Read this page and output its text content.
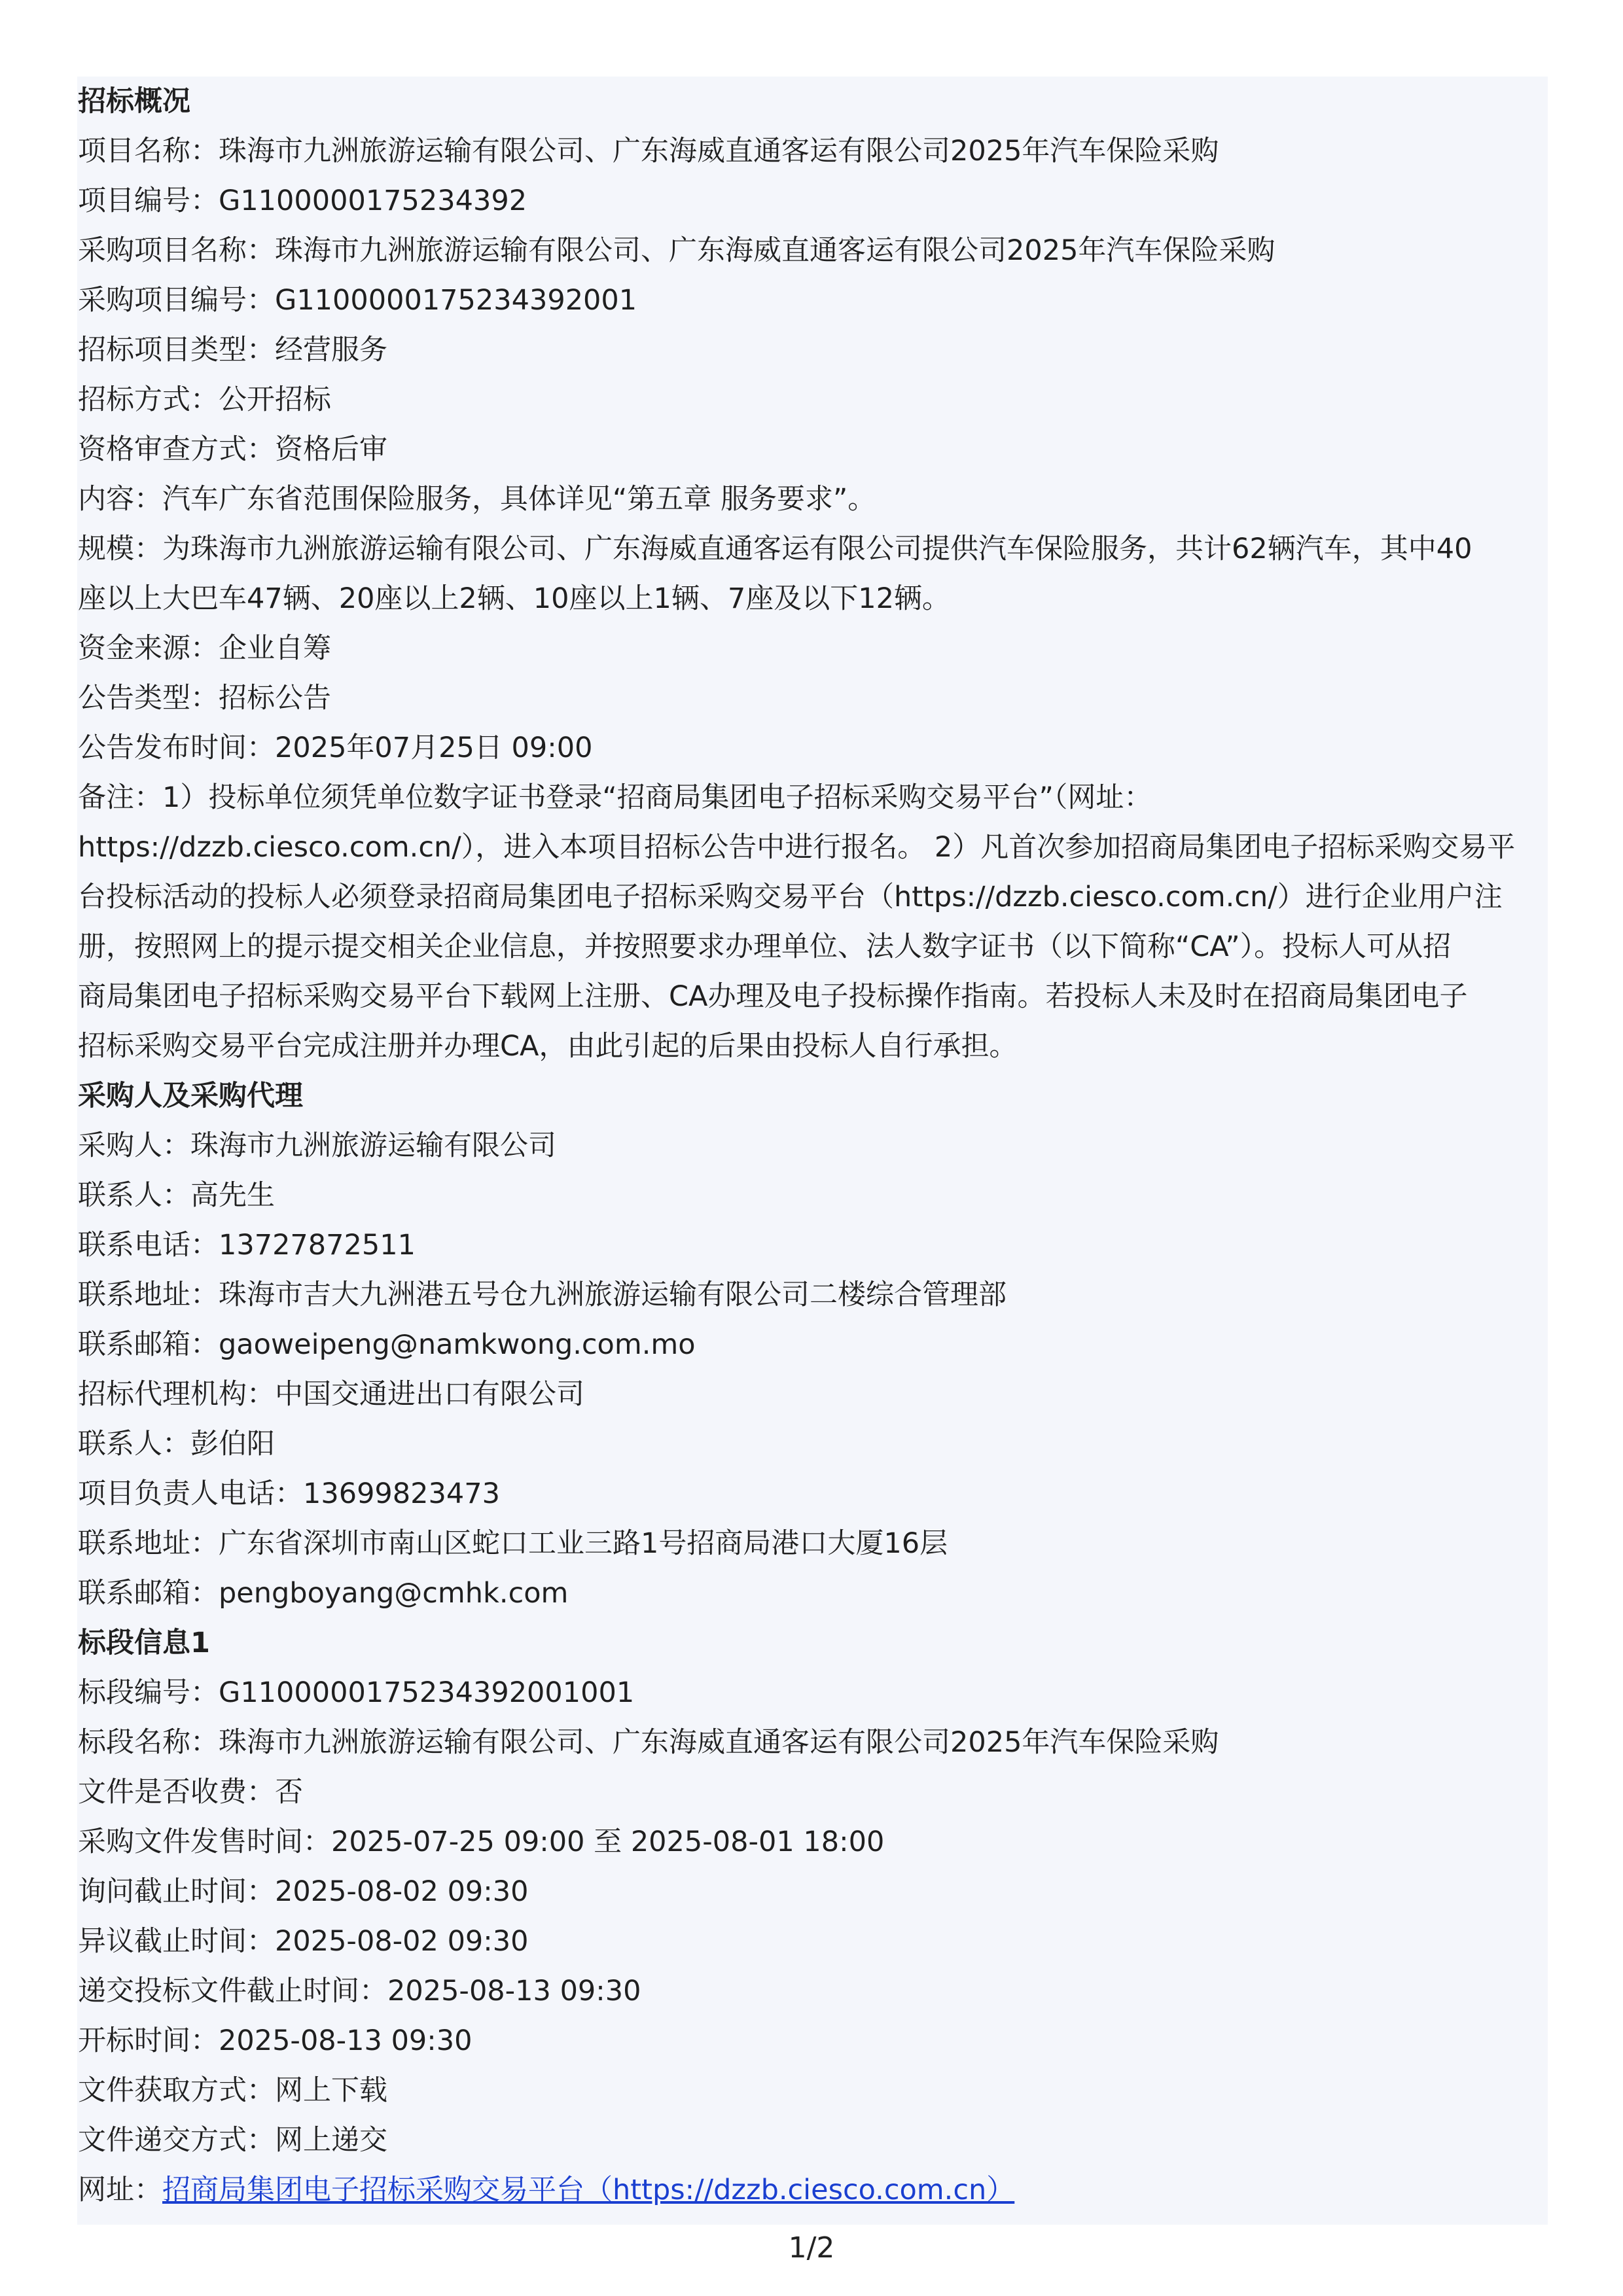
招标概况
项目名称：珠海市九洲旅游运输有限公司、广东海威直通客运有限公司2025年汽车保险采购
项目编号：G1100000175234392
采购项目名称：珠海市九洲旅游运输有限公司、广东海威直通客运有限公司2025年汽车保险采购
采购项目编号：G1100000175234392001
招标项目类型：经营服务
招标方式：公开招标
资格审查方式：资格后审
内容：汽车广东省范围保险服务，具体详见“第五章 服务要求”。
规模：为珠海市九洲旅游运输有限公司、广东海威直通客运有限公司提供汽车保险服务，共计62辆汽车，其中40
座以上大巴车47辆、20座以上2辆、10座以上1辆、7座及以下12辆。
资金来源：企业自筹
公告类型：招标公告
公告发布时间：2025年07月25日 09:00
备注：1）投标单位须凭单位数字证书登录“招商局集团电子招标采购交易平台”（网址：
https://dzzb.ciesco.com.cn/），进入本项目招标公告中进行报名。 2）凡首次参加招商局集团电子招标采购交易平
台投标活动的投标人必须登录招商局集团电子招标采购交易平台（https://dzzb.ciesco.com.cn/）进行企业用户注
册，按照网上的提示提交相关企业信息，并按照要求办理单位、法人数字证书（以下简称“CA”）。投标人可从招
商局集团电子招标采购交易平台下载网上注册、CA办理及电子投标操作指南。若投标人未及时在招商局集团电子
招标采购交易平台完成注册并办理CA，由此引起的后果由投标人自行承担。
采购人及采购代理
采购人：珠海市九洲旅游运输有限公司
联系人：高先生
联系电话：13727872511
联系地址：珠海市吉大九洲港五号仓九洲旅游运输有限公司二楼综合管理部
联系邮箱：gaoweipeng@namkwong.com.mo
招标代理机构：中国交通进出口有限公司
联系人：彭伯阳
项目负责人电话：13699823473
联系地址：广东省深圳市南山区蛇口工业三路1号招商局港口大厦16层
联系邮箱：pengboyang@cmhk.com
标段信息1
标段编号：G1100000175234392001001
标段名称：珠海市九洲旅游运输有限公司、广东海威直通客运有限公司2025年汽车保险采购
文件是否收费：否
采购文件发售时间：2025-07-25 09:00 至 2025-08-01 18:00
询问截止时间：2025-08-02 09:30
异议截止时间：2025-08-02 09:30
递交投标文件截止时间：2025-08-13 09:30
开标时间：2025-08-13 09:30
文件获取方式：网上下载
文件递交方式：网上递交
网址：招商局集团电子招标采购交易平台（https://dzzb.ciesco.com.cn）
1/2
